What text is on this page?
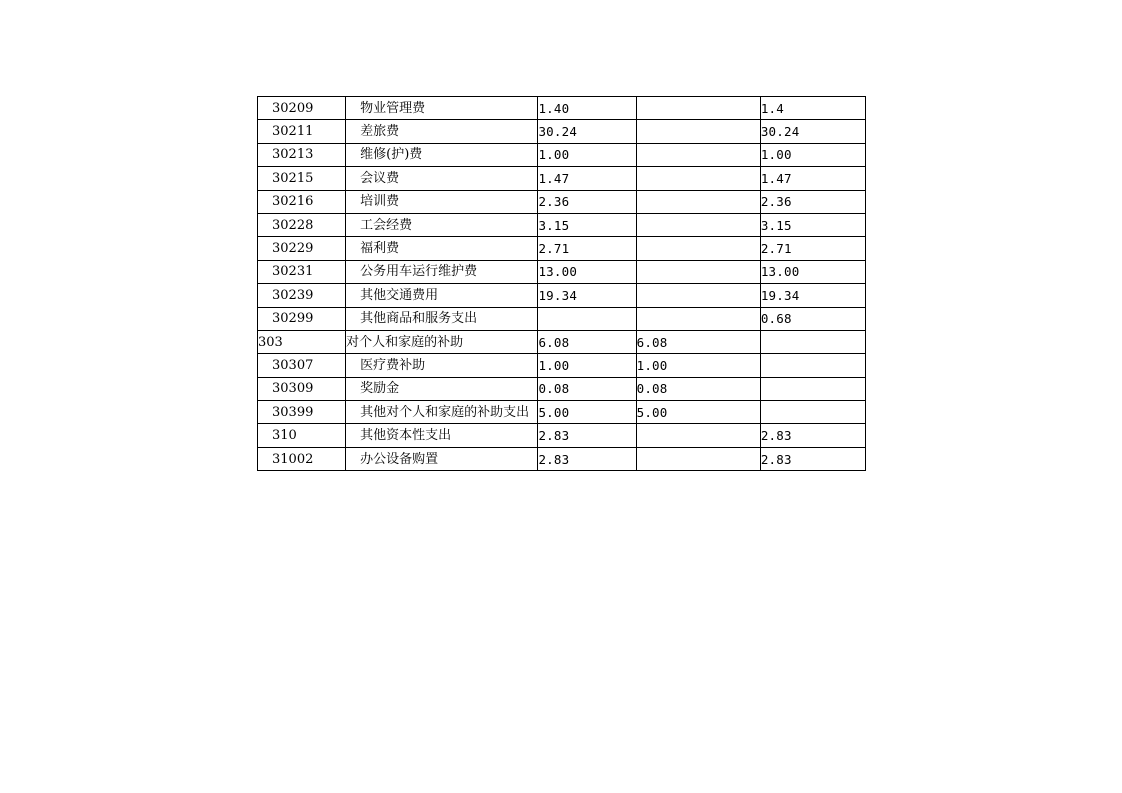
30209	物业管理费	1.40		1.4
30211	差旅费	30.24		30.24
30213	维修(护)费	1.00		1.00
30215	会议费	1.47		1.47
30216	培训费	2.36		2.36
30228	工会经费	3.15		3.15
30229	福利费	2.71		2.71
30231	公务用车运行维护费	13.00		13.00
30239	其他交通费用	19.34		19.34
30299	其他商品和服务支出			0.68
303	对个人和家庭的补助	6.08	6.08	
30307	医疗费补助	1.00	1.00	
30309	奖励金	0.08	0.08	
30399	其他对个人和家庭的补助支出	5.00	5.00	
310	其他资本性支出	2.83		2.83
31002	办公设备购置	2.83		2.83
